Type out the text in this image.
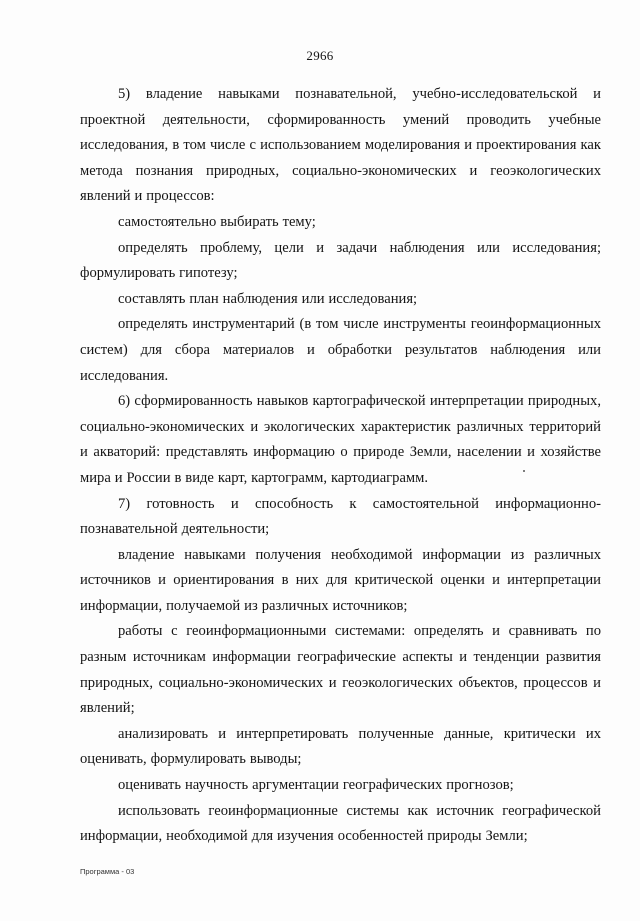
2966

5) владение навыками познавательной, учебно-исследовательской и проектной деятельности, сформированность умений проводить учебные исследования, в том числе с использованием моделирования и проектирования как метода познания природных, социально-экономических и геоэкологических явлений и процессов:

самостоятельно выбирать тему;

определять проблему, цели и задачи наблюдения или исследования; формулировать гипотезу;

составлять план наблюдения или исследования;

определять инструментарий (в том числе инструменты геоинформационных систем) для сбора материалов и обработки результатов наблюдения или исследования.

6) сформированность навыков картографической интерпретации природных, социально-экономических и экологических характеристик различных территорий и акваторий: представлять информацию о природе Земли, населении и хозяйстве мира и России в виде карт, картограмм, картодиаграмм.

7) готовность и способность к самостоятельной информационно-познавательной деятельности;

владение навыками получения необходимой информации из различных источников и ориентирования в них для критической оценки и интерпретации информации, получаемой из различных источников;

работы с геоинформационными системами: определять и сравнивать по разным источникам информации географические аспекты и тенденции развития природных, социально-экономических и геоэкологических объектов, процессов и явлений;

анализировать и интерпретировать полученные данные, критически их оценивать, формулировать выводы;

оценивать научность аргументации географических прогнозов;

использовать геоинформационные системы как источник географической информации, необходимой для изучения особенностей природы Земли;

Программа - 03
